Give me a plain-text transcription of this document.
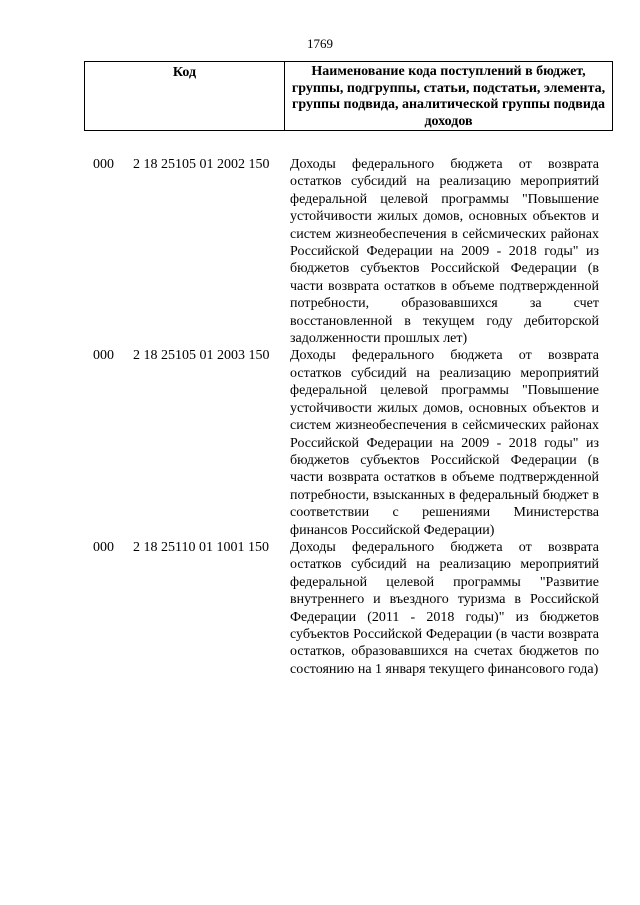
1769
Код	Наименование кода поступлений в бюджет, группы, подгруппы, статьи, подстатьи, элемента, группы подвида, аналитической группы подвида доходов
000	2 18 25105 01 2002 150	Доходы федерального бюджета от возврата остатков субсидий на реализацию мероприятий федеральной целевой программы "Повышение устойчивости жилых домов, основных объектов и систем жизнеобеспечения в сейсмических районах Российской Федерации на 2009 - 2018 годы" из бюджетов субъектов Российской Федерации (в части возврата остатков в объеме подтвержденной потребности, образовавшихся за счет восстановленной в текущем году дебиторской задолженности прошлых лет)
000	2 18 25105 01 2003 150	Доходы федерального бюджета от возврата остатков субсидий на реализацию мероприятий федеральной целевой программы "Повышение устойчивости жилых домов, основных объектов и систем жизнеобеспечения в сейсмических районах Российской Федерации на 2009 - 2018 годы" из бюджетов субъектов Российской Федерации (в части возврата остатков в объеме подтвержденной потребности, взысканных в федеральный бюджет в соответствии с решениями Министерства финансов Российской Федерации)
000	2 18 25110 01 1001 150	Доходы федерального бюджета от возврата остатков субсидий на реализацию мероприятий федеральной целевой программы "Развитие внутреннего и въездного туризма в Российской Федерации (2011 - 2018 годы)" из бюджетов субъектов Российской Федерации (в части возврата остатков, образовавшихся на счетах бюджетов по состоянию на 1 января текущего финансового года)
